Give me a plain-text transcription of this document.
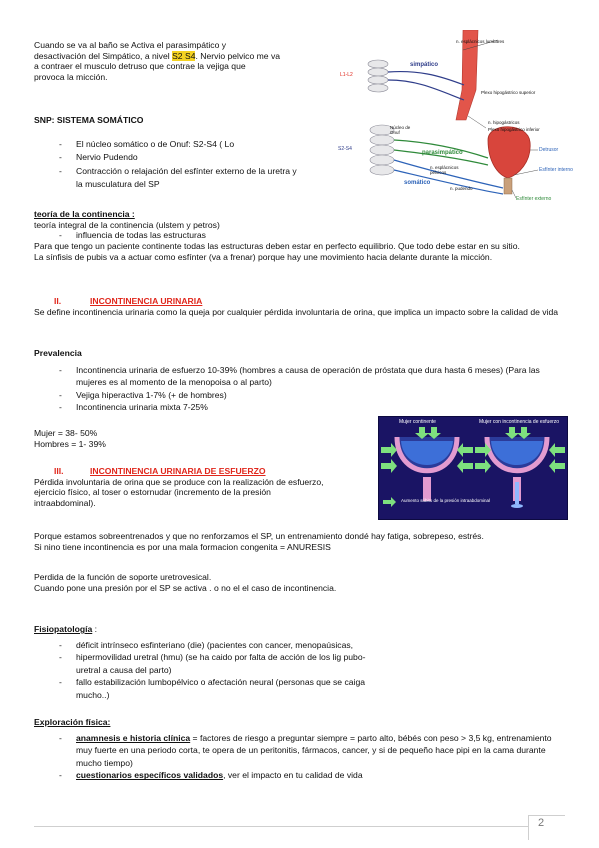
Cuando se va al baño se Activa el parasimpático y

desactivación del Simpático, a nivel S2 S4. Nervio pelvico me va

a contraer el musculo detruso que contrae la vejiga que

provoca la micción.

n. esplácnicos lumbares
simpático
L1-L2
Plexo hipogástrico superior
n. hipogástricos
Plexo hipogástrico inferior
Núcleo de Onuf
S2-S4
parasimpático
n. esplácnicos pélvicos
somático
n. pudendo
Detrusor
Esfínter interno
Esfínter externo

SNP: SISTEMA SOMÁTICO

- El núcleo somático o de Onuf: S2-S4 ( Lo
- Nervio Pudendo
- Contracción o relajación del esfínter externo de la uretra y la musculatura del SP

teoría de la continencia :

teoría integral de la continencia (ulstem y petros)

- influencia de todas las estructuras

Para que tengo un paciente continente todas las estructuras deben estar en perfecto equilibrio. Que todo debe estar en su sitio.

La sínfisis de pubis va a actuar como esfínter (va a frenar) porque hay une movimiento hacia delante durante la micción.

II.	INCONTINENCIA URINARIA

Se define incontinencia urinaria como la queja por cualquier pérdida involuntaria de orina, que implica un impacto sobre la calidad de vida

Prevalencia

- Incontinencia urinaria de esfuerzo 10-39% (hombres a causa de operación de próstata que dura hasta 6 meses) (Para las mujeres es al momento de la menopoisa o al parto)
- Vejiga hiperactiva 1-7% (+ de hombres)
- Incontinencia urinaria mixta 7-25%

Mujer = 38- 50%

Hombres = 1- 39%

Mujer continente	Mujer con incontinencia de esfuerzo
Aumento súbito de la presión intraabdominal

III.	INCONTINENCIA URINARIA DE ESFUERZO

Pérdida involuntaria de orina que se produce con la realización de esfuerzo, ejercicio físico, al toser o estornudar (incremento de la presión intraabdominal).

Porque estamos sobreentrenados y que no renforzamos el SP, un entrenamiento dondé hay fatiga, sobrepeso, estrés.

Si nino tiene incontinencia es por una mala formacion congenita = ANURESIS

Perdida de la función de soporte uretrovesical.

Cuando pone una presión por el SP se activa . o no el el caso de incontinencia.

Fisiopatología :

- déficit intrínseco esfinteriano (die) (pacientes con cancer, menopaúsicas,
- hipermovilidad uretral (hmu) (se ha caido por falta de acción de los lig pubo-uretral a causa del parto)
- fallo estabilización lumbopélvico o afectación neural (personas que se caiga mucho..)

Exploración física:

- anamnesis e historia clínica = factores de riesgo a preguntar siempre = parto alto, bébés con peso > 3,5 kg, entrenamiento muy fuerte en una periodo corta, te opera de un peritonitis, fármacos, cancer, y si de pequeño hace pipi en la cama durante mucho tiempo)
- cuestionarios específicos validados, ver el impacto en tu calidad de vida
2
